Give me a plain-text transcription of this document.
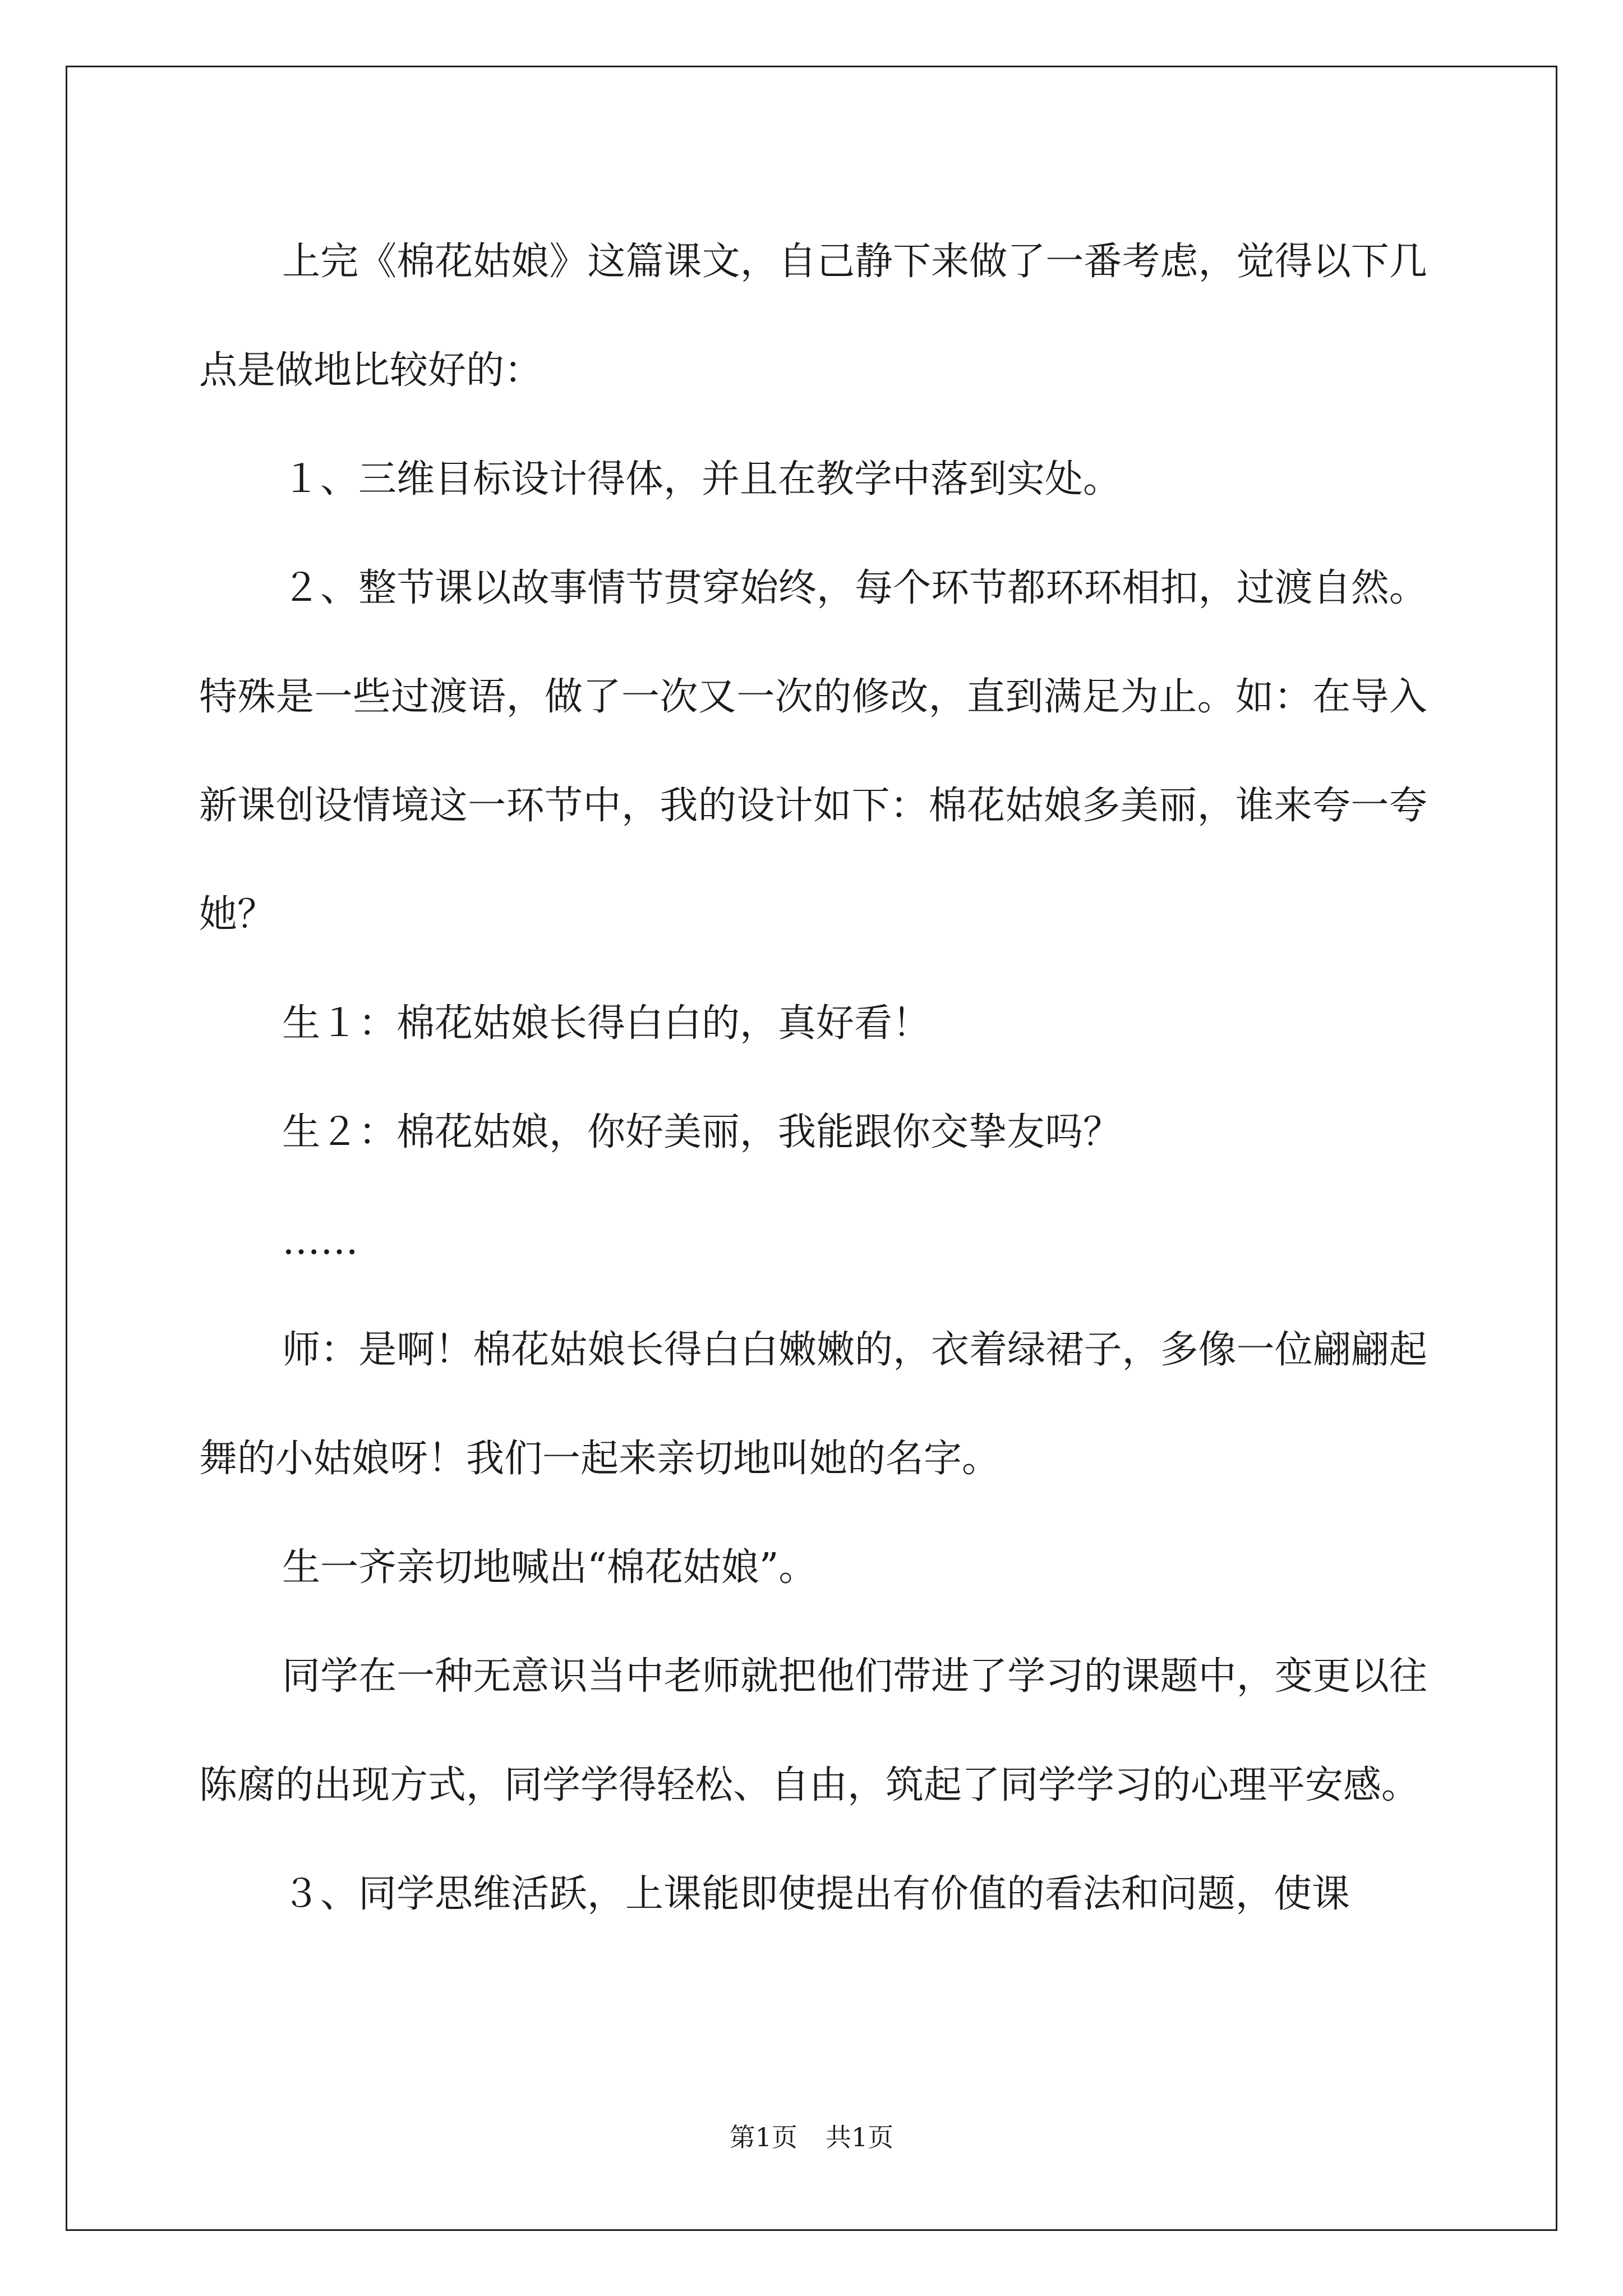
上完《棉花姑娘》这篇课文，自己静下来做了一番考虑，觉得以下几点是做地比较好的：

１、三维目标设计得体，并且在教学中落到实处。

２、整节课以故事情节贯穿始终，每个环节都环环相扣，过渡自然。特殊是一些过渡语，做了一次又一次的修改，直到满足为止。如：在导入新课创设情境这一环节中，我的设计如下：棉花姑娘多美丽，谁来夸一夸她？

生１：棉花姑娘长得白白的，真好看！

生２：棉花姑娘，你好美丽，我能跟你交挚友吗？

……

师：是啊！棉花姑娘长得白白嫩嫩的，衣着绿裙子，多像一位翩翩起舞的小姑娘呀！我们一起来亲切地叫她的名字。

生一齐亲切地喊出“棉花姑娘”。

同学在一种无意识当中老师就把他们带进了学习的课题中，变更以往陈腐的出现方式，同学学得轻松、自由，筑起了同学学习的心理平安感。

３、同学思维活跃，上课能即使提出有价值的看法和问题，使课

第1页 共1页
